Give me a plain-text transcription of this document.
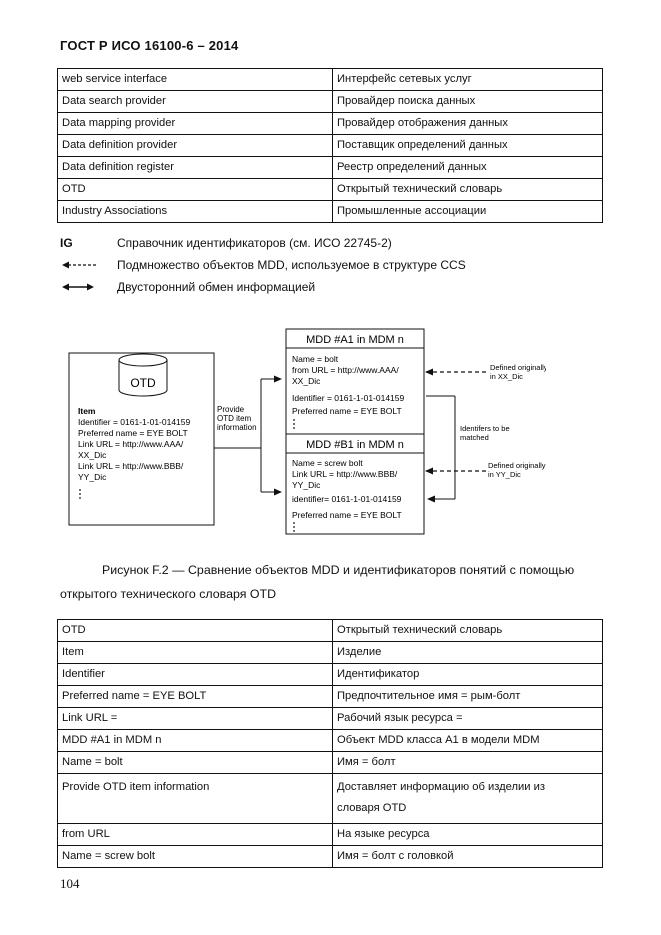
ГОСТ Р ИСО 16100-6 – 2014
web service interface	Интерфейс сетевых услуг
Data search provider	Провайдер поиска данных
Data mapping provider	Провайдер отображения данных
Data definition provider	Поставщик определений данных
Data definition register	Реестр определений данных
OTD	Открытый технический словарь
Industry Associations	Промышленные ассоциации
IG	Справочник идентификаторов (см. ИСО 22745-2)
Подмножество объектов MDD, используемое в структуре CCS
Двусторонний обмен информацией
OTD
Item
Identifier = 0161-1-01-014159
Preferred name = EYE BOLT
Link URL = http://www.AAA/
XX_Dic
Link URL = http://www.BBB/
YY_Dic
Provide
OTD item
information
MDD #A1 in MDM n
Name = bolt
from URL = http://www.AAA/
XX_Dic
Identifier = 0161-1-01-014159
Preferred name = EYE BOLT
MDD #B1 in MDM n
Name = screw bolt
Link URL = http://www.BBB/
YY_Dic
identifier= 0161-1-01-014159
Preferred name = EYE BOLT
Defined originally
in XX_Dic
Defined originally
in YY_Dic
Identifers to be
matched
Рисунок F.2 — Сравнение объектов MDD и идентификаторов понятий с помощью
открытого технического словаря OTD
OTD	Открытый технический словарь
Item	Изделие
Identifier	Идентификатор
Preferred name = EYE BOLT	Предпочтительное имя = рым-болт
Link URL =	Рабочий язык ресурса =
MDD #A1 in MDM n	Объект MDD класса А1 в модели MDM
Name = bolt	Имя = болт
Provide OTD item information	Доставляет информацию об изделии из
словаря OTD

from URL	На языке ресурса
Name = screw bolt	Имя = болт с головкой
104
